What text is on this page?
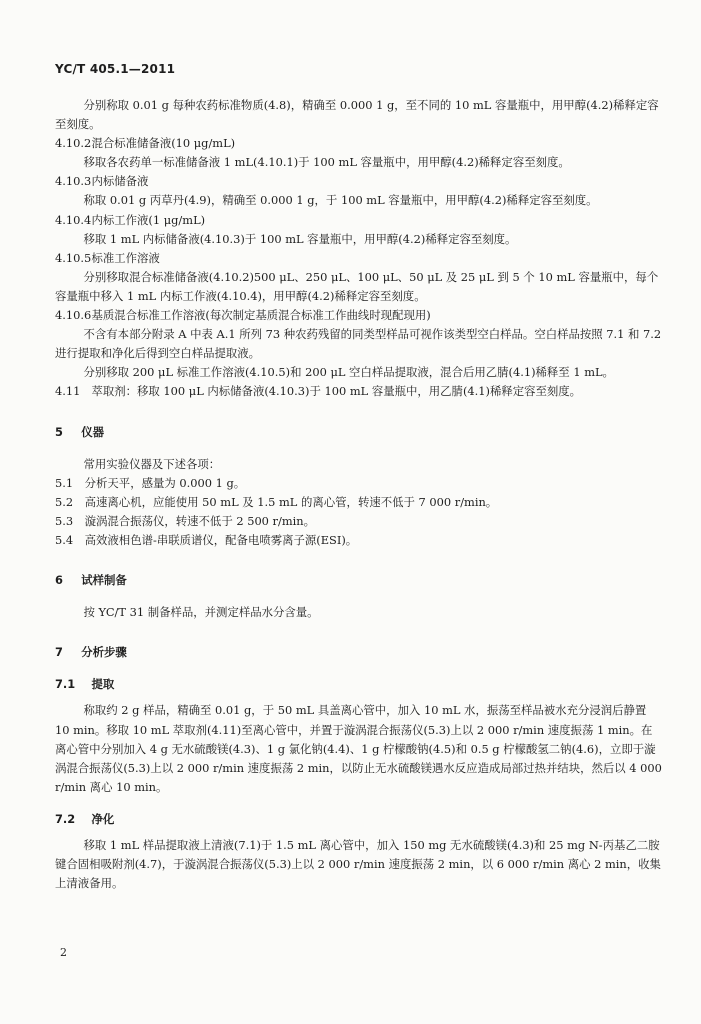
YC/T 405.1—2011

分别称取 0.01 g 每种农药标准物质(4.8)，精确至 0.000 1 g，至不同的 10 mL 容量瓶中，用甲醇(4.2)稀释定容至刻度。

4.10.2混合标准储备液(10 μg/mL)

移取各农药单一标准储备液 1 mL(4.10.1)于 100 mL 容量瓶中，用甲醇(4.2)稀释定容至刻度。

4.10.3内标储备液

称取 0.01 g 丙草丹(4.9)，精确至 0.000 1 g，于 100 mL 容量瓶中，用甲醇(4.2)稀释定容至刻度。

4.10.4内标工作液(1 μg/mL)

移取 1 mL 内标储备液(4.10.3)于 100 mL 容量瓶中，用甲醇(4.2)稀释定容至刻度。

4.10.5标准工作溶液

分别移取混合标准储备液(4.10.2)500 μL、250 μL、100 μL、50 μL 及 25 μL 到 5 个 10 mL 容量瓶中，每个容量瓶中移入 1 mL 内标工作液(4.10.4)，用甲醇(4.2)稀释定容至刻度。

4.10.6基质混合标准工作溶液(每次制定基质混合标准工作曲线时现配现用)

不含有本部分附录 A 中表 A.1 所列 73 种农药残留的同类型样品可视作该类型空白样品。空白样品按照 7.1 和 7.2 进行提取和净化后得到空白样品提取液。

分别移取 200 μL 标准工作溶液(4.10.5)和 200 μL 空白样品提取液，混合后用乙腈(4.1)稀释至 1 mL。

4.11 萃取剂：移取 100 μL 内标储备液(4.10.3)于 100 mL 容量瓶中，用乙腈(4.1)稀释定容至刻度。

5 仪器

常用实验仪器及下述各项：

5.1 分析天平，感量为 0.000 1 g。

5.2 高速离心机，应能使用 50 mL 及 1.5 mL 的离心管，转速不低于 7 000 r/min。

5.3 漩涡混合振荡仪，转速不低于 2 500 r/min。

5.4 高效液相色谱-串联质谱仪，配备电喷雾离子源(ESI)。

6 试样制备

按 YC/T 31 制备样品，并测定样品水分含量。

7 分析步骤

7.1 提取

称取约 2 g 样品，精确至 0.01 g，于 50 mL 具盖离心管中，加入 10 mL 水，振荡至样品被水充分浸润后静置 10 min。移取 10 mL 萃取剂(4.11)至离心管中，并置于漩涡混合振荡仪(5.3)上以 2 000 r/min 速度振荡 1 min。在离心管中分别加入 4 g 无水硫酸镁(4.3)、1 g 氯化钠(4.4)、1 g 柠檬酸钠(4.5)和 0.5 g 柠檬酸氢二钠(4.6)，立即于漩涡混合振荡仪(5.3)上以 2 000 r/min 速度振荡 2 min，以防止无水硫酸镁遇水反应造成局部过热并结块，然后以 4 000 r/min 离心 10 min。

7.2 净化

移取 1 mL 样品提取液上清液(7.1)于 1.5 mL 离心管中，加入 150 mg 无水硫酸镁(4.3)和 25 mg N-丙基乙二胺键合固相吸附剂(4.7)，于漩涡混合振荡仪(5.3)上以 2 000 r/min 速度振荡 2 min，以 6 000 r/min 离心 2 min，收集上清液备用。

2
